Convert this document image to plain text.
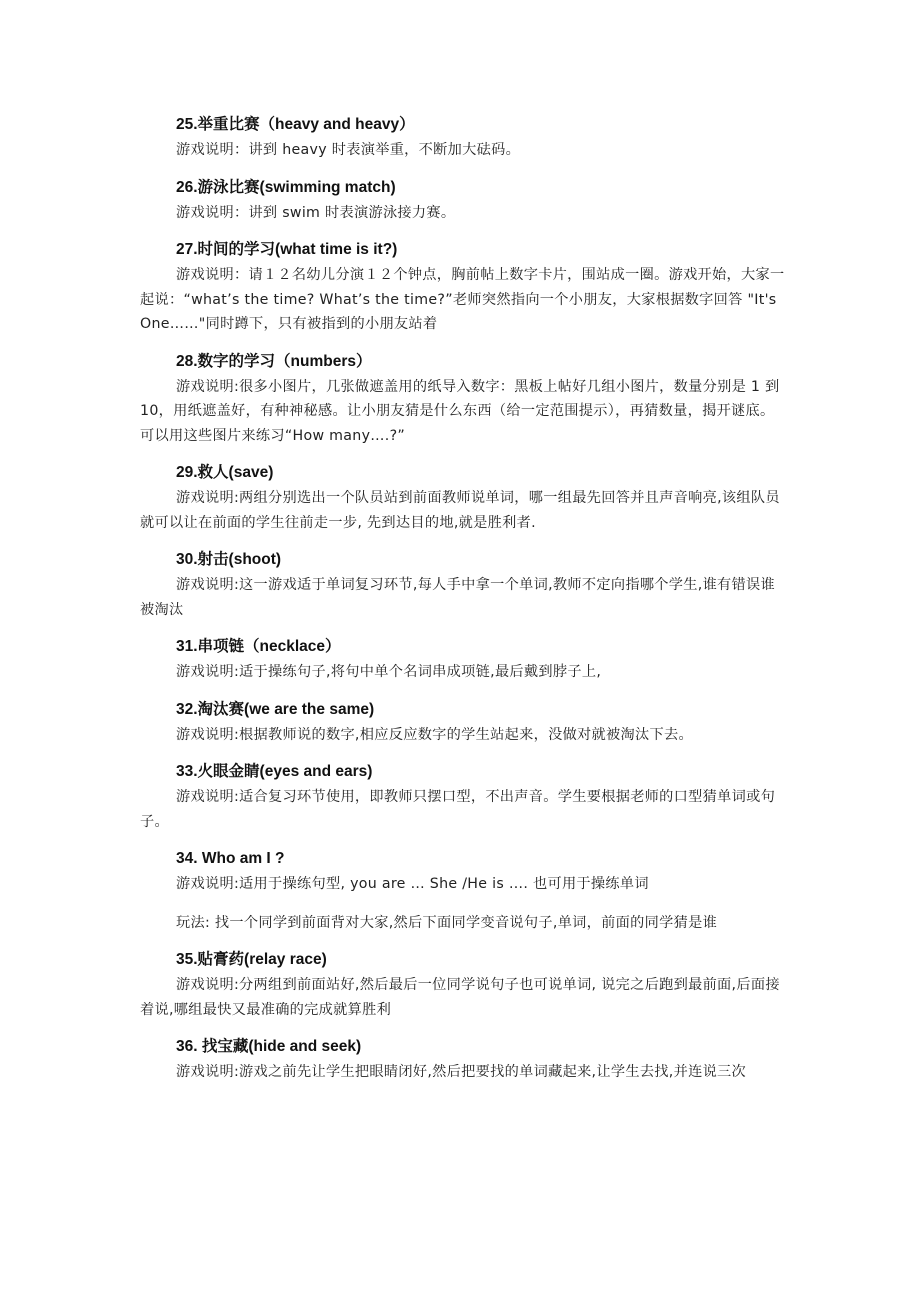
25.举重比赛（heavy and heavy）
游戏说明：讲到 heavy 时表演举重，不断加大砝码。
26.游泳比赛(swimming match)
游戏说明：讲到 swim 时表演游泳接力赛。
27.时间的学习(what time is it?)
游戏说明：请１２名幼儿分演１２个钟点，胸前帖上数字卡片，围站成一圈。游戏开始，大家一起说：“what’s the time? What’s the time?”老师突然指向一个小朋友，大家根据数字回答 "It's One……"同时蹲下，只有被指到的小朋友站着
28.数字的学习（numbers）
游戏说明:很多小图片，几张做遮盖用的纸导入数字：黑板上帖好几组小图片，数量分别是 1 到 10，用纸遮盖好，有种神秘感。让小朋友猜是什么东西（给一定范围提示），再猜数量，揭开谜底。可以用这些图片来练习“How many….?”
29.救人(save)
游戏说明:两组分别选出一个队员站到前面教师说单词，哪一组最先回答并且声音响亮,该组队员就可以让在前面的学生往前走一步, 先到达目的地,就是胜利者.
30.射击(shoot)
游戏说明:这一游戏适于单词复习环节,每人手中拿一个单词,教师不定向指哪个学生,谁有错误谁被淘汰
31.串项链（necklace）
游戏说明:适于操练句子,将句中单个名词串成项链,最后戴到脖子上,
32.淘汰赛(we are the same)
游戏说明:根据教师说的数字,相应反应数字的学生站起来，没做对就被淘汰下去。
33.火眼金睛(eyes and ears)
游戏说明:适合复习环节使用，即教师只摆口型，不出声音。学生要根据老师的口型猜单词或句子。
34. Who am I ?
游戏说明:适用于操练句型, you are … She /He is …. 也可用于操练单词
玩法: 找一个同学到前面背对大家,然后下面同学变音说句子,单词，前面的同学猜是谁
35.贴膏药(relay race)
游戏说明:分两组到前面站好,然后最后一位同学说句子也可说单词, 说完之后跑到最前面,后面接着说,哪组最快又最准确的完成就算胜利
36. 找宝藏(hide and seek)
游戏说明:游戏之前先让学生把眼睛闭好,然后把要找的单词藏起来,让学生去找,并连说三次
